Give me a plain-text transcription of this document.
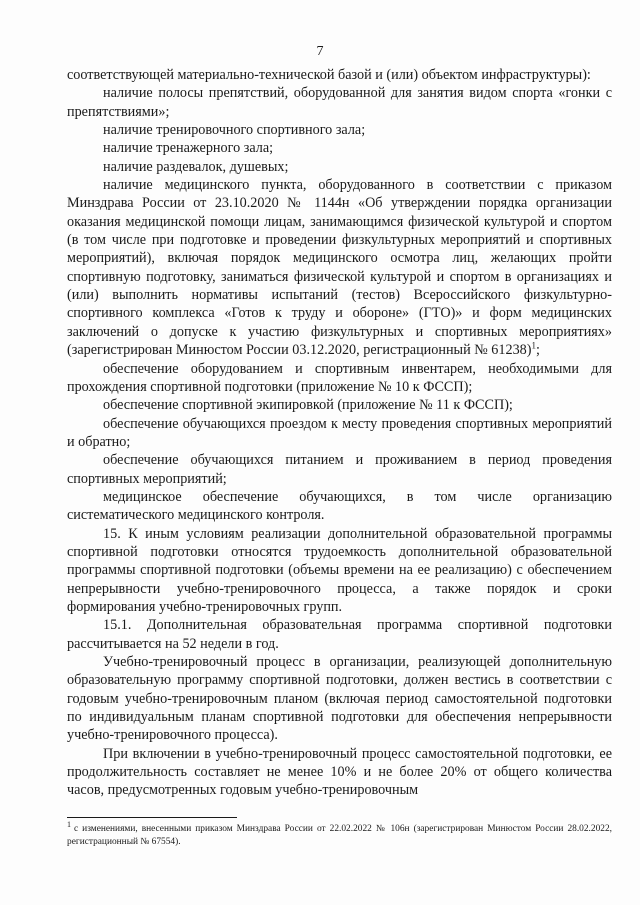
7

соответствующей материально-технической базой и (или) объектом инфраструктуры):

наличие полосы препятствий, оборудованной для занятия видом спорта «гонки с препятствиями»;

наличие тренировочного спортивного зала;

наличие тренажерного зала;

наличие раздевалок, душевых;

наличие медицинского пункта, оборудованного в соответствии с приказом Минздрава России от 23.10.2020 № 1144н «Об утверждении порядка организации оказания медицинской помощи лицам, занимающимся физической культурой и спортом (в том числе при подготовке и проведении физкультурных мероприятий и спортивных мероприятий), включая порядок медицинского осмотра лиц, желающих пройти спортивную подготовку, заниматься физической культурой и спортом в организациях и (или) выполнить нормативы испытаний (тестов) Всероссийского физкультурно-спортивного комплекса «Готов к труду и обороне» (ГТО)» и форм медицинских заключений о допуске к участию физкультурных и спортивных мероприятиях» (зарегистрирован Минюстом России 03.12.2020, регистрационный № 61238)$^1$;

обеспечение оборудованием и спортивным инвентарем, необходимыми для прохождения спортивной подготовки (приложение № 10 к ФССП);

обеспечение спортивной экипировкой (приложение № 11 к ФССП);

обеспечение обучающихся проездом к месту проведения спортивных мероприятий и обратно;

обеспечение обучающихся питанием и проживанием в период проведения спортивных мероприятий;

медицинское обеспечение обучающихся, в том числе организацию систематического медицинского контроля.

15. К иным условиям реализации дополнительной образовательной программы спортивной подготовки относятся трудоемкость дополнительной образовательной программы спортивной подготовки (объемы времени на ее реализацию) с обеспечением непрерывности учебно-тренировочного процесса, а также порядок и сроки формирования учебно-тренировочных групп.

15.1. Дополнительная образовательная программа спортивной подготовки рассчитывается на 52 недели в год.

Учебно-тренировочный процесс в организации, реализующей дополнительную образовательную программу спортивной подготовки, должен вестись в соответствии с годовым учебно-тренировочным планом (включая период самостоятельной подготовки по индивидуальным планам спортивной подготовки для обеспечения непрерывности учебно-тренировочного процесса).

При включении в учебно-тренировочный процесс самостоятельной подготовки, ее продолжительность составляет не менее 10% и не более 20% от общего количества часов, предусмотренных годовым учебно-тренировочным

$^1$ с изменениями, внесенными приказом Минздрава России от 22.02.2022 № 106н (зарегистрирован Минюстом России 28.02.2022, регистрационный № 67554).
